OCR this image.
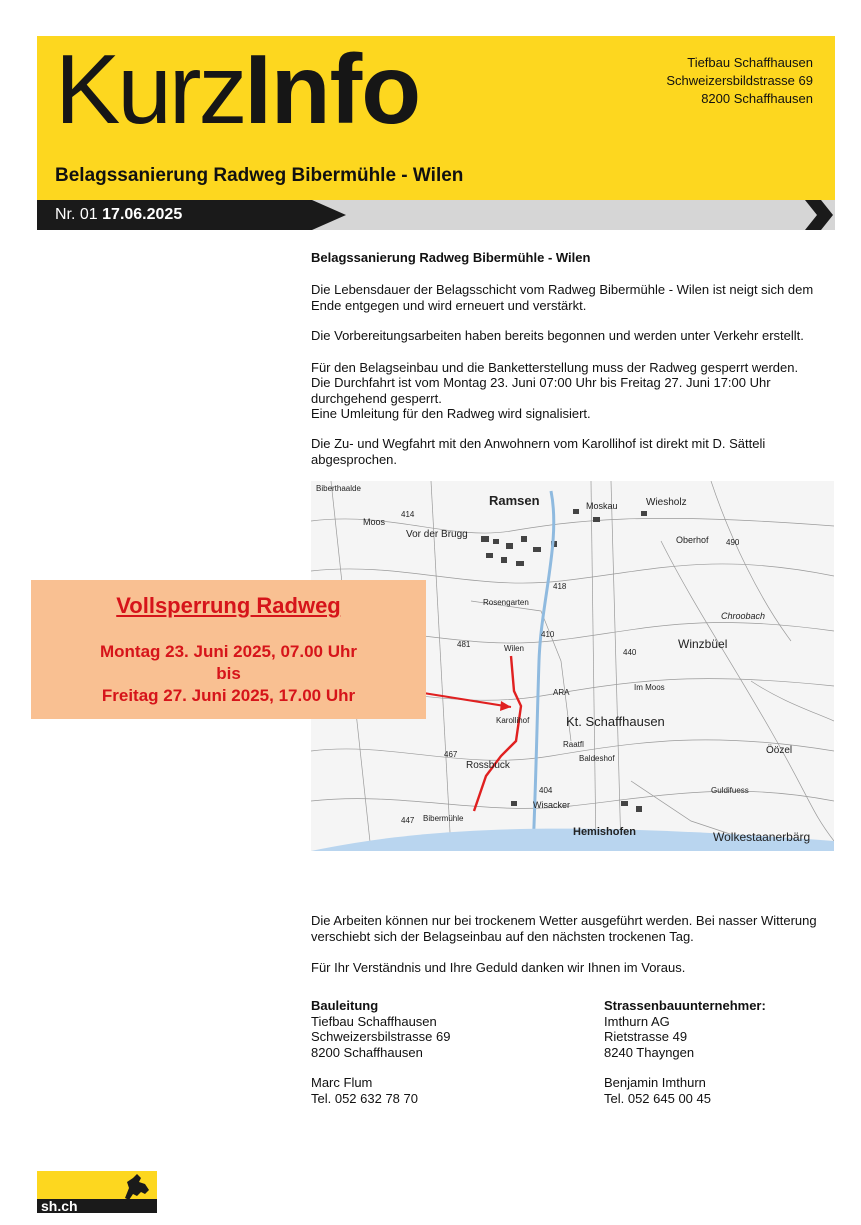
KurzInfo	Tiefbau Schaffhausen
Schweizersbildstrasse 69
8200 Schaffhausen
Belagssanierung Radweg Bibermühle - Wilen
Nr. 01 17.06.2025
Belagssanierung Radweg Bibermühle - Wilen
Die Lebensdauer der Belagsschicht vom Radweg Bibermühle - Wilen ist neigt sich dem Ende entgegen und wird erneuert und verstärkt.
Die Vorbereitungsarbeiten haben bereits begonnen und werden unter Verkehr erstellt.
Für den Belagseinbau und die Banketterstellung muss der Radweg gesperrt werden.
Die Durchfahrt ist vom Montag 23. Juni 07:00 Uhr bis Freitag 27. Juni 17:00 Uhr durchgehend gesperrt.
Eine Umleitung für den Radweg wird signalisiert.
Die Zu- und Wegfahrt mit den Anwohnern vom Karollihof ist direkt mit D. Sätteli abgesprochen.
Ramsen	Moskau	Wiesholz
Oberhof
Vor der Brugg
Biberthaalde
Moos
Rosengarten
Wilen
Karollihof
Rossbuck
Kt. Schaffhausen
Winzbüel
Im Moos
Raatfl
Wisacker
Hemishofen
Bibermühle
Wolkestaanerbärg
Öözel
Chroobach
ARA
Baldeshof
Guldifuess
414
410
418
440
490
481
467
447
404
Vollsperrung Radweg
Montag 23. Juni 2025, 07.00 Uhr
bis
Freitag 27. Juni 2025, 17.00 Uhr
Die Arbeiten können nur bei trockenem Wetter ausgeführt werden. Bei nasser Witterung verschiebt sich der Belagseinbau auf den nächsten trockenen Tag.
Für Ihr Verständnis und Ihre Geduld danken wir Ihnen im Voraus.
Bauleitung
Tiefbau Schaffhausen
Schweizersbilstrasse 69
8200 Schaffhausen
Marc Flum
Tel. 052 632 78 70
Strassenbauunternehmer:
Imthurn AG
Rietstrasse 49
8240 Thayngen
Benjamin Imthurn
Tel. 052 645 00 45
sh.ch
